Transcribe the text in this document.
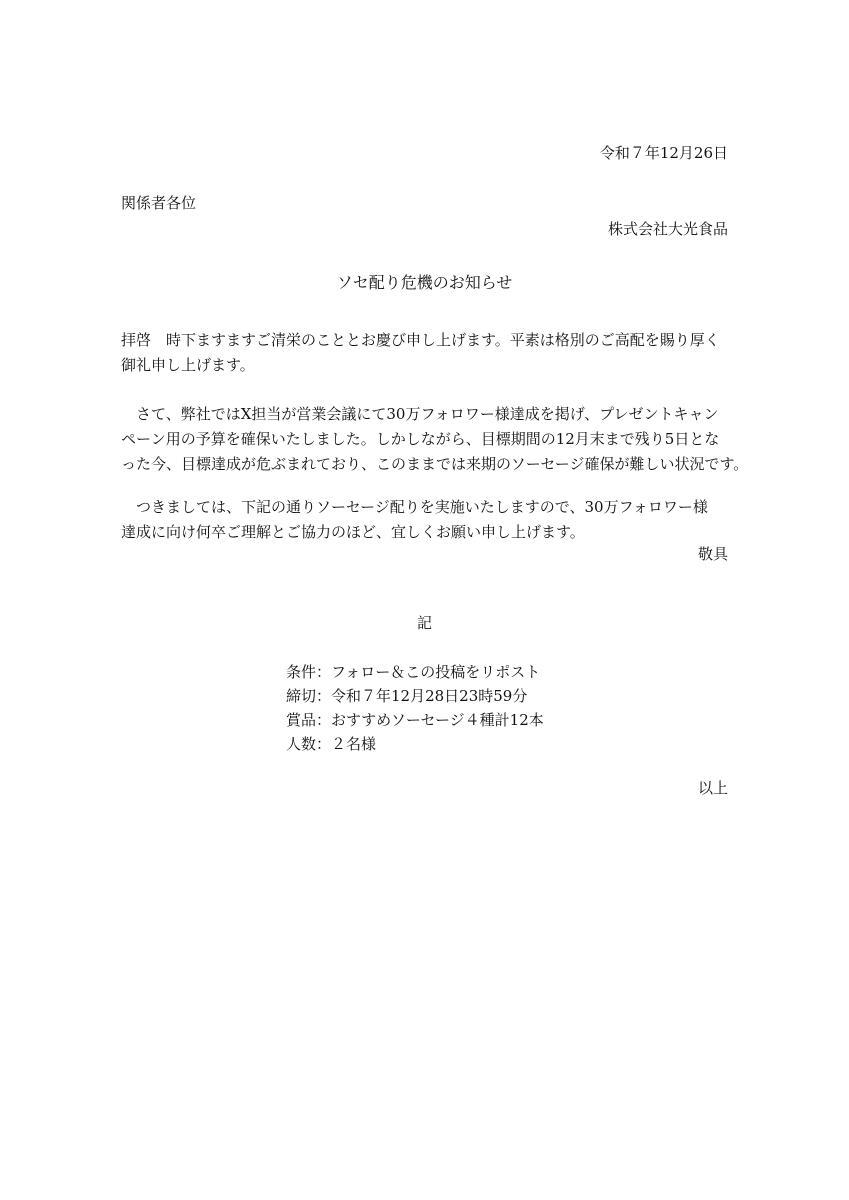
令和７年12月26日
関係者各位
株式会社大光食品
ソセ配り危機のお知らせ
拝啓　時下ますますご清栄のこととお慶び申し上げます。平素は格別のご高配を賜り厚く
御礼申し上げます。
　さて、弊社ではX担当が営業会議にて30万フォロワー様達成を掲げ、プレゼントキャン
ペーン用の予算を確保いたしました。しかしながら、目標期間の12月末まで残り5日とな
った今、目標達成が危ぶまれており、このままでは来期のソーセージ確保が難しい状況です。
　つきましては、下記の通りソーセージ配りを実施いたしますので、30万フォロワー様
達成に向け何卒ご理解とご協力のほど、宜しくお願い申し上げます。
敬具
記
条件：フォロー＆この投稿をリポスト
締切：令和７年12月28日23時59分
賞品：おすすめソーセージ４種計12本
人数：２名様
以上
